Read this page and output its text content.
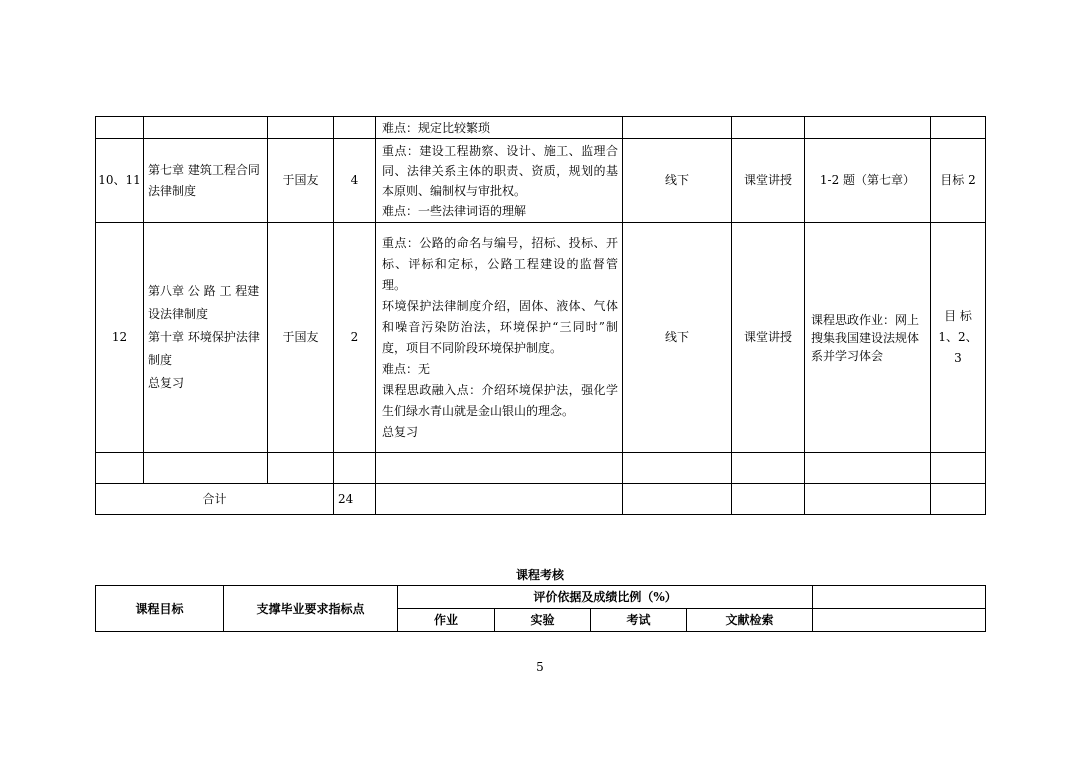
				难点：规定比较繁琐				
10、11	第七章 建筑工程合同法律制度	于国友	4	重点：建设工程勘察、设计、施工、监理合同、法律关系主体的职责、资质，规划的基本原则、编制权与审批权。
难点：一些法律词语的理解	线下	课堂讲授	1-2 题（第七章）	目标 2
12	第八章 公 路 工 程建设法律制度
第十章 环境保护法律制度
总复习	于国友	2	重点：公路的命名与编号，招标、投标、开标、评标和定标，公路工程建设的监督管理。
环境保护法律制度介绍，固体、液体、气体和噪音污染防治法，环境保护“三同时”制度，项目不同阶段环境保护制度。
难点：无
课程思政融入点：介绍环境保护法，强化学生们绿水青山就是金山银山的理念。
总复习	线下	课堂讲授	课程思政作业：网上搜集我国建设法规体系并学习体会	目 标 1、2、3

合计			24					
课程考核
课程目标	支撑毕业要求指标点	评价依据及成绩比例（%）				
		作业	实验	考试	文献检索	
5
